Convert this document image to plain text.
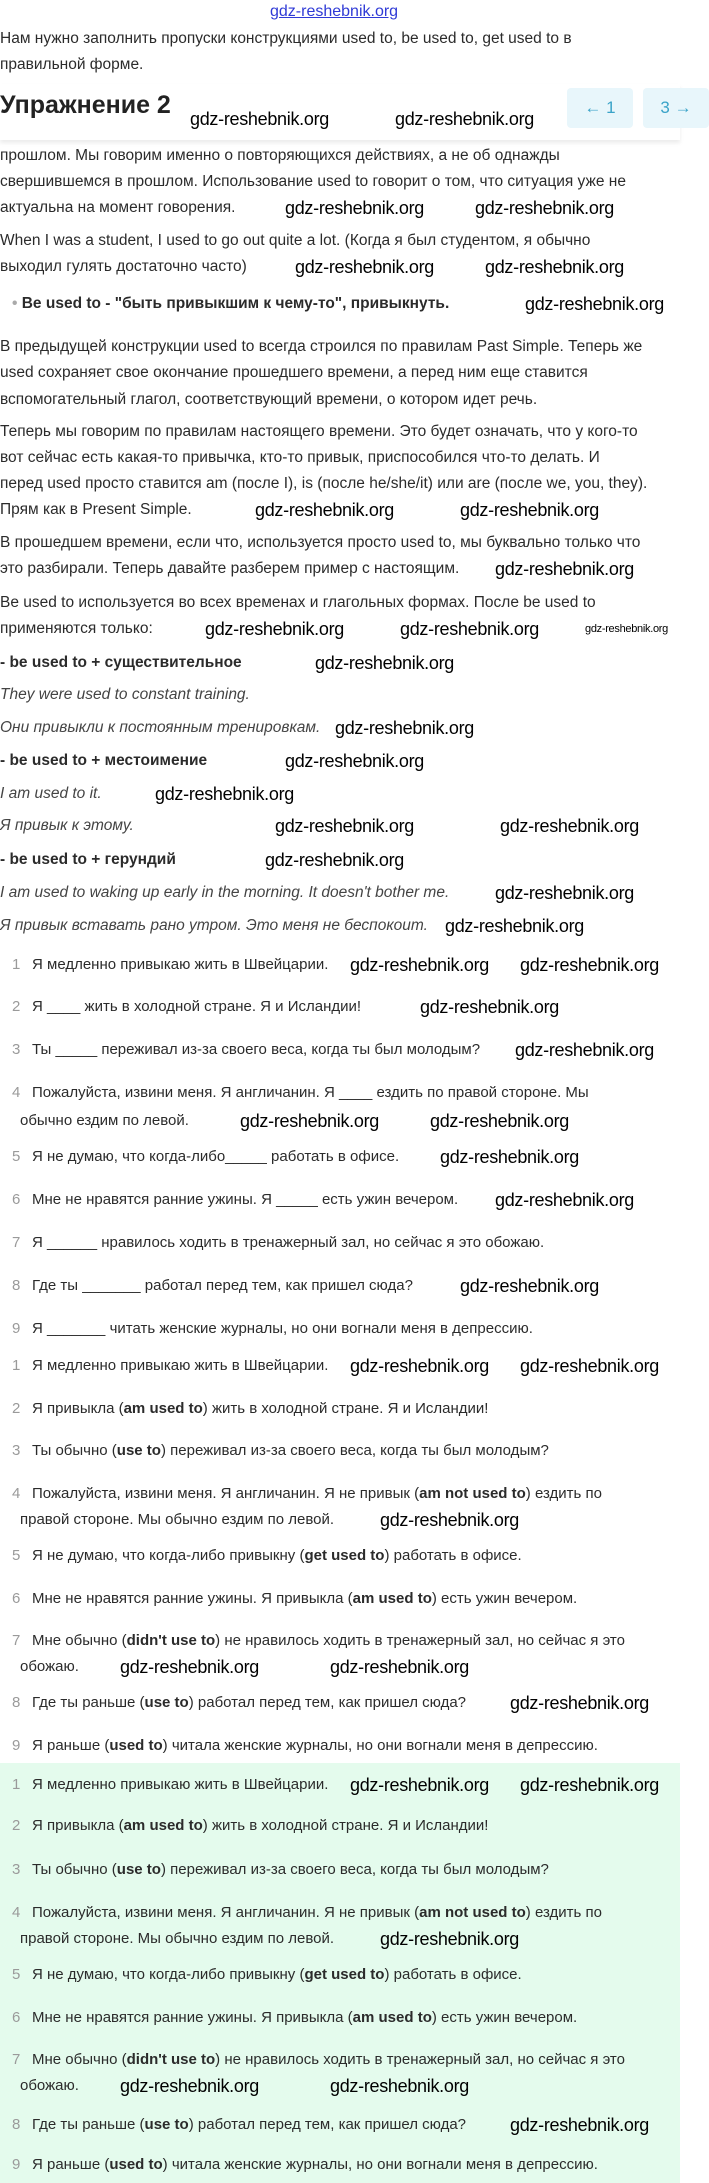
gdz-reshebnik.org
Нам нужно заполнить пропуски конструкциями used to, be used to, get used to в
правильной форме.
прошлом. Мы говорим именно о повторяющихся действиях, а не об однажды
свершившемся в прошлом. Использование used to говорит о том, что ситуация уже не
актуальна на момент говорения.
When I was a student, I used to go out quite a lot. (Когда я был студентом, я обычно
выходил гулять достаточно часто)
• Be used to - "быть привыкшим к чему-то", привыкнуть.
В предыдущей конструкции used to всегда строился по правилам Past Simple. Теперь же
used сохраняет свое окончание прошедшего времени, а перед ним еще ставится
вспомогательный глагол, соответствующий времени, о котором идет речь.
Теперь мы говорим по правилам настоящего времени. Это будет означать, что у кого-то
вот сейчас есть какая-то привычка, кто-то привык, приспособился что-то делать. И
перед used просто ставится am (после I), is (после he/she/it) или are (после we, you, they).
Прям как в Present Simple.
В прошедшем времени, если что, используется просто used to, мы буквально только что
это разбирали. Теперь давайте разберем пример с настоящим.
Be used to используется во всех временах и глагольных формах. После be used to
применяются только:
- be used to + существительное
They were used to constant training.
Они привыкли к постоянным тренировкам.
- be used to + местоимение
I am used to it.
Я привык к этому.
- be used to + герундий
I am used to waking up early in the morning. It doesn't bother me.
Я привык вставать рано утром. Это меня не беспокоит.
1 Я медленно привыкаю жить в Швейцарии.
2 Я ____ жить в холодной стране. Я и Исландии!
3 Ты _____ переживал из-за своего веса, когда ты был молодым?
4 Пожалуйста, извини меня. Я англичанин. Я ____ ездить по правой стороне. Мы
обычно ездим по левой.
5 Я не думаю, что когда-либо_____ работать в офисе.
6 Мне не нравятся ранние ужины. Я _____ есть ужин вечером.
7 Я ______ нравилось ходить в тренажерный зал, но сейчас я это обожаю.
8 Где ты _______ работал перед тем, как пришел сюда?
9 Я _______ читать женские журналы, но они вогнали меня в депрессию.
1 Я медленно привыкаю жить в Швейцарии.
2 Я привыкла (am used to) жить в холодной стране. Я и Исландии!
3 Ты обычно (use to) переживал из-за своего веса, когда ты был молодым?
4 Пожалуйста, извини меня. Я англичанин. Я не привык (am not used to) ездить по
правой стороне. Мы обычно ездим по левой.
5 Я не думаю, что когда-либо привыкну (get used to) работать в офисе.
6 Мне не нравятся ранние ужины. Я привыкла (am used to) есть ужин вечером.
7 Мне обычно (didn't use to) не нравилось ходить в тренажерный зал, но сейчас я это
обожаю.
8 Где ты раньше (use to) работал перед тем, как пришел сюда?
9 Я раньше (used to) читала женские журналы, но они вогнали меня в депрессию.
1 Я медленно привыкаю жить в Швейцарии.
2 Я привыкла (am used to) жить в холодной стране. Я и Исландии!
3 Ты обычно (use to) переживал из-за своего веса, когда ты был молодым?
4 Пожалуйста, извини меня. Я англичанин. Я не привык (am not used to) ездить по
правой стороне. Мы обычно ездим по левой.
5 Я не думаю, что когда-либо привыкну (get used to) работать в офисе.
6 Мне не нравятся ранние ужины. Я привыкла (am used to) есть ужин вечером.
7 Мне обычно (didn't use to) не нравилось ходить в тренажерный зал, но сейчас я это
обожаю.
8 Где ты раньше (use to) работал перед тем, как пришел сюда?
9 Я раньше (used to) читала женские журналы, но они вогнали меня в депрессию.
Упражнение 2 gdz-reshebnik.org	gdz-reshebnik.org
← 1	3 →
gdz-reshebnik.org	gdz-reshebnik.org
gdz-reshebnik.org	gdz-reshebnik.org
gdz-reshebnik.org
gdz-reshebnik.org	gdz-reshebnik.org
gdz-reshebnik.org
gdz-reshebnik.org	gdz-reshebnik.org	gdz-reshebnik.org
gdz-reshebnik.org
gdz-reshebnik.org
gdz-reshebnik.org
gdz-reshebnik.org
gdz-reshebnik.org	gdz-reshebnik.org
gdz-reshebnik.org
gdz-reshebnik.org
gdz-reshebnik.org
gdz-reshebnik.org gdz-reshebnik.org
gdz-reshebnik.org
gdz-reshebnik.org
gdz-reshebnik.org	gdz-reshebnik.org
gdz-reshebnik.org
gdz-reshebnik.org
gdz-reshebnik.org
gdz-reshebnik.org gdz-reshebnik.org
gdz-reshebnik.org
gdz-reshebnik.org	gdz-reshebnik.org
gdz-reshebnik.org
gdz-reshebnik.org gdz-reshebnik.org
gdz-reshebnik.org
gdz-reshebnik.org	gdz-reshebnik.org
gdz-reshebnik.org
